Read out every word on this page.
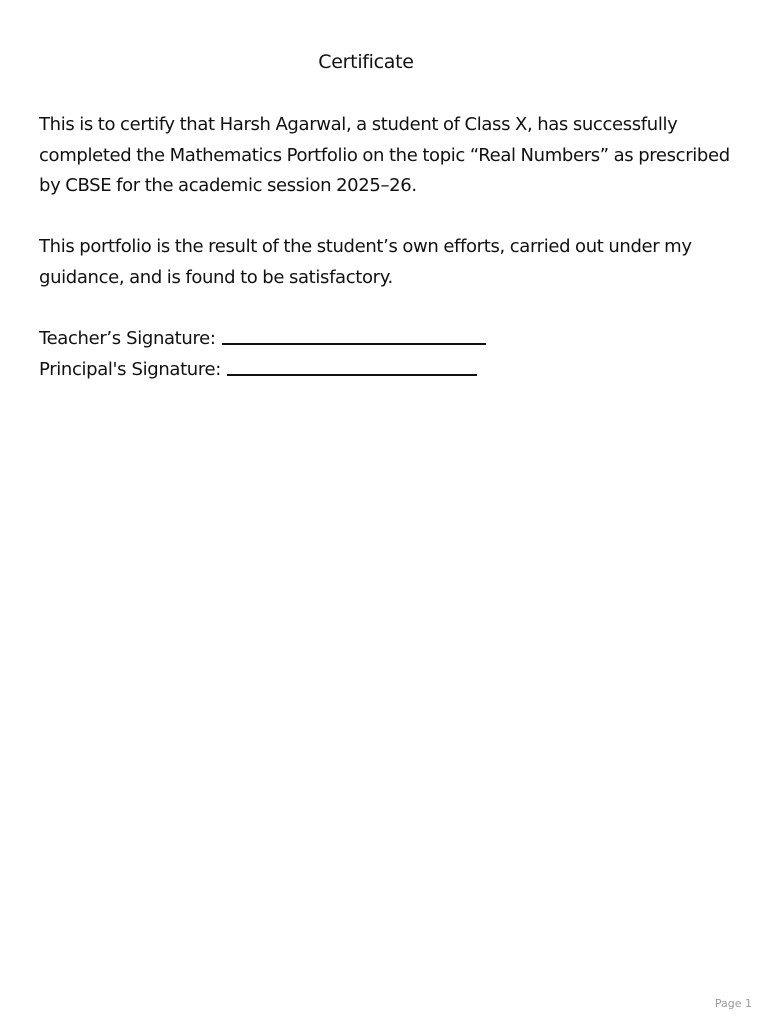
Certificate

This is to certify that Harsh Agarwal, a student of Class X, has successfully completed the Mathematics Portfolio on the topic “Real Numbers” as prescribed by CBSE for the academic session 2025–26.

This portfolio is the result of the student’s own efforts, carried out under my guidance, and is found to be satisfactory.

Teacher’s Signature:
Principal's Signature:
Page 1
